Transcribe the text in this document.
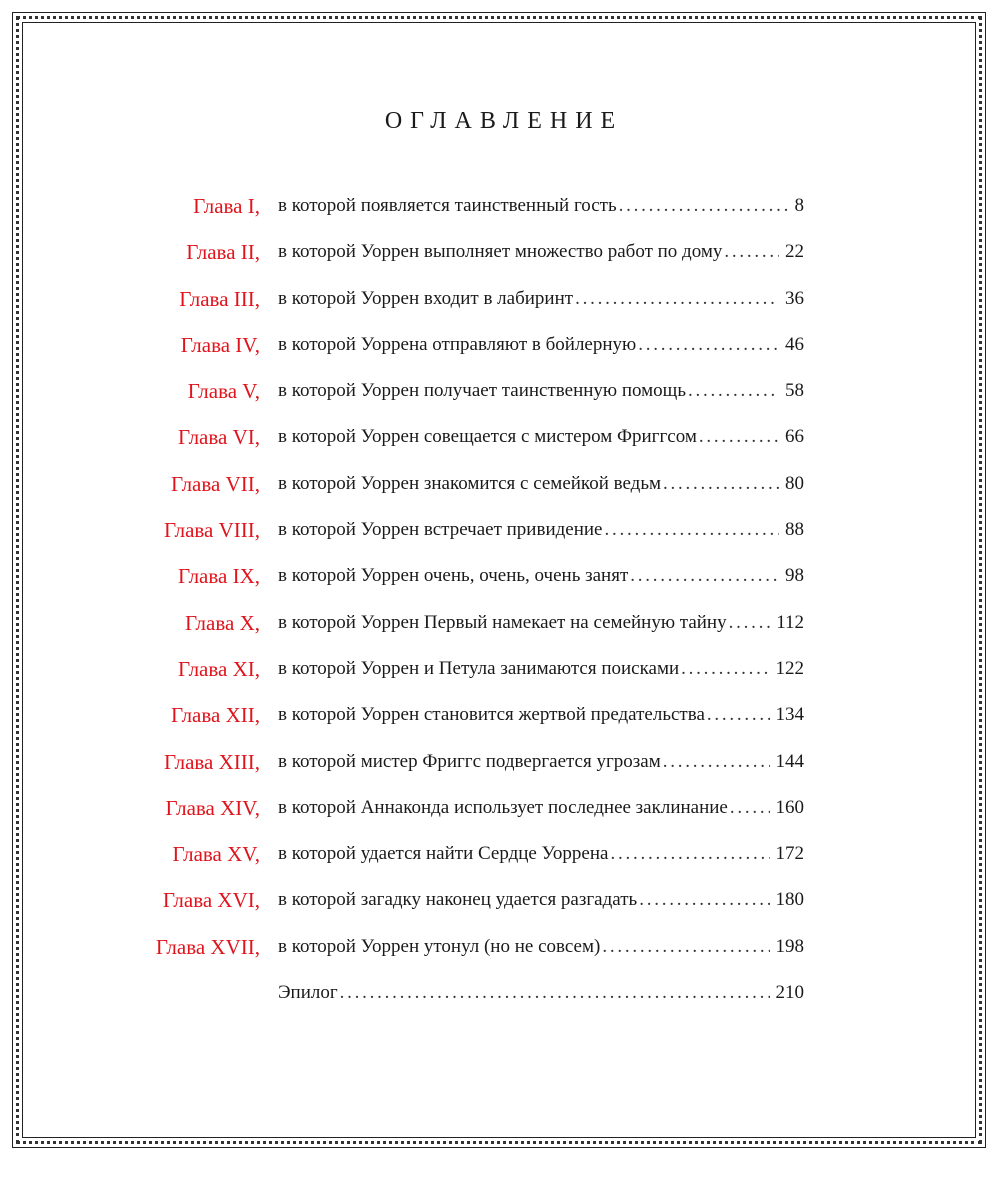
ОГЛАВЛЕНИЕ
Глава I, в которой появляется таинственный гость . . .	8
Глава II, в которой Уоррен выполняет множество работ по дому . . .	22
Глава III, в которой Уоррен входит в лабиринт . . .	36
Глава IV, в которой Уоррена отправляют в бойлерную . . .	46
Глава V, в которой Уоррен получает таинственную помощь . . .	58
Глава VI, в которой Уоррен совещается с мистером Фриггсом . . .	66
Глава VII, в которой Уоррен знакомится с семейкой ведьм . . .	80
Глава VIII, в которой Уоррен встречает привидение . . .	88
Глава IX, в которой Уоррен очень, очень, очень занят . . .	98
Глава X, в которой Уоррен Первый намекает на семейную тайну . . .	112
Глава XI, в которой Уоррен и Петула занимаются поисками . . .	122
Глава XII, в которой Уоррен становится жертвой предательства . . .	134
Глава XIII, в которой мистер Фриггс подвергается угрозам . . .	144
Глава XIV, в которой Аннаконда использует последнее заклинание . . .	160
Глава XV, в которой удается найти Сердце Уоррена . . .	172
Глава XVI, в которой загадку наконец удается разгадать . . .	180
Глава XVII, в которой Уоррен утонул (но не совсем) . . .	198
Эпилог . . .	210
